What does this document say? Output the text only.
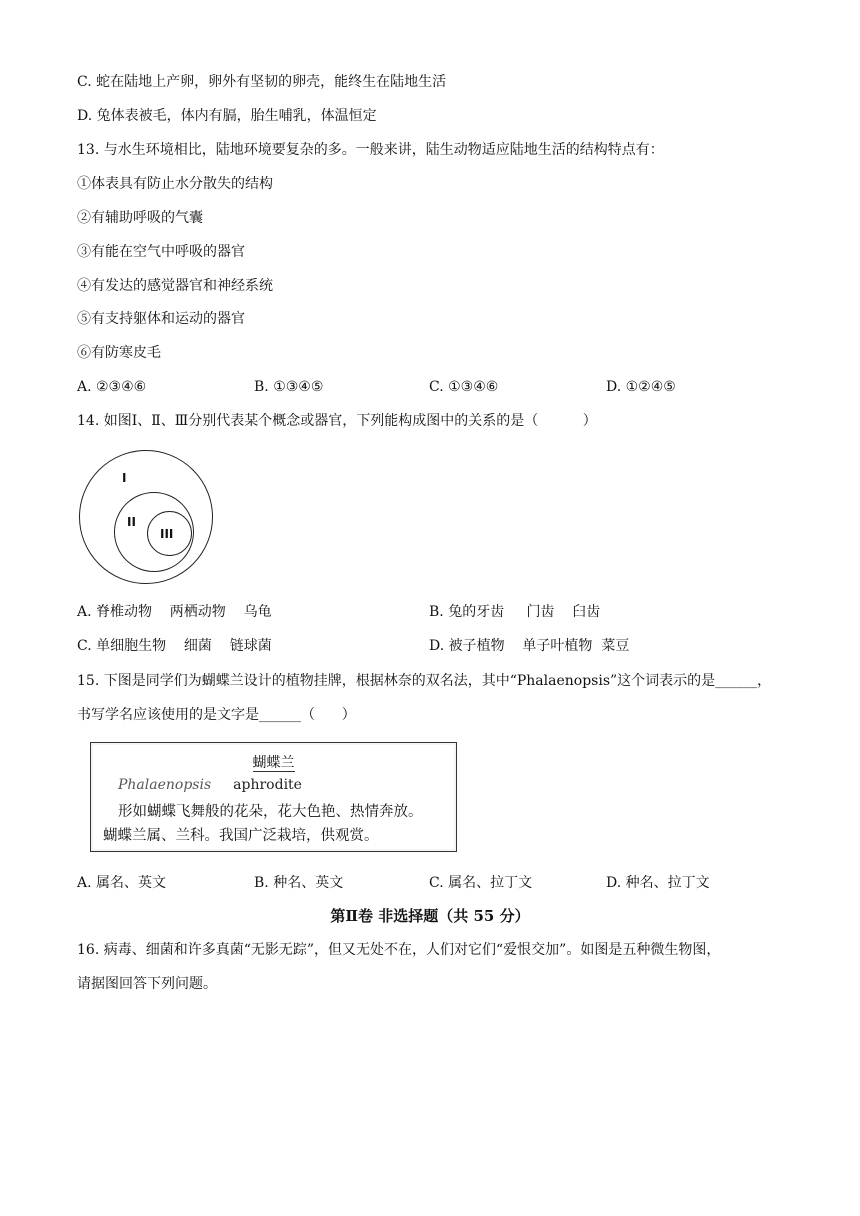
C. 蛇在陆地上产卵，卵外有坚韧的卵壳，能终生在陆地生活
D. 兔体表被毛，体内有膈，胎生哺乳，体温恒定
13. 与水生环境相比，陆地环境要复杂的多。一般来讲，陆生动物适应陆地生活的结构特点有：
①体表具有防止水分散失的结构
②有辅助呼吸的气囊
③有能在空气中呼吸的器官
④有发达的感觉器官和神经系统
⑤有支持躯体和运动的器官
⑥有防寒皮毛
A. ②③④⑥	B. ①③④⑤	C. ①③④⑥	D. ①②④⑤
14. 如图Ⅰ、Ⅱ、Ⅲ分别代表某个概念或器官，下列能构成图中的关系的是（          ）
I
II
III
A. 脊椎动物    两栖动物    乌龟	B. 兔的牙齿     门齿    臼齿
C. 单细胞生物    细菌    链球菌	D. 被子植物    单子叶植物  菜豆
15. 下图是同学们为蝴蝶兰设计的植物挂牌，根据林奈的双名法，其中“Phalaenopsis”这个词表示的是______，
书写学名应该使用的是文字是______（      ）
蝴蝶兰
Phalaenopsis aphrodite
形如蝴蝶飞舞般的花朵，花大色艳、热情奔放。
蝴蝶兰属、兰科。我国广泛栽培，供观赏。
A. 属名、英文	B. 种名、英文	C. 属名、拉丁文	D. 种名、拉丁文
第Ⅱ卷 非选择题（共 55 分）
16. 病毒、细菌和许多真菌“无影无踪”，但又无处不在，人们对它们“爱恨交加”。如图是五种微生物图，
请据图回答下列问题。
